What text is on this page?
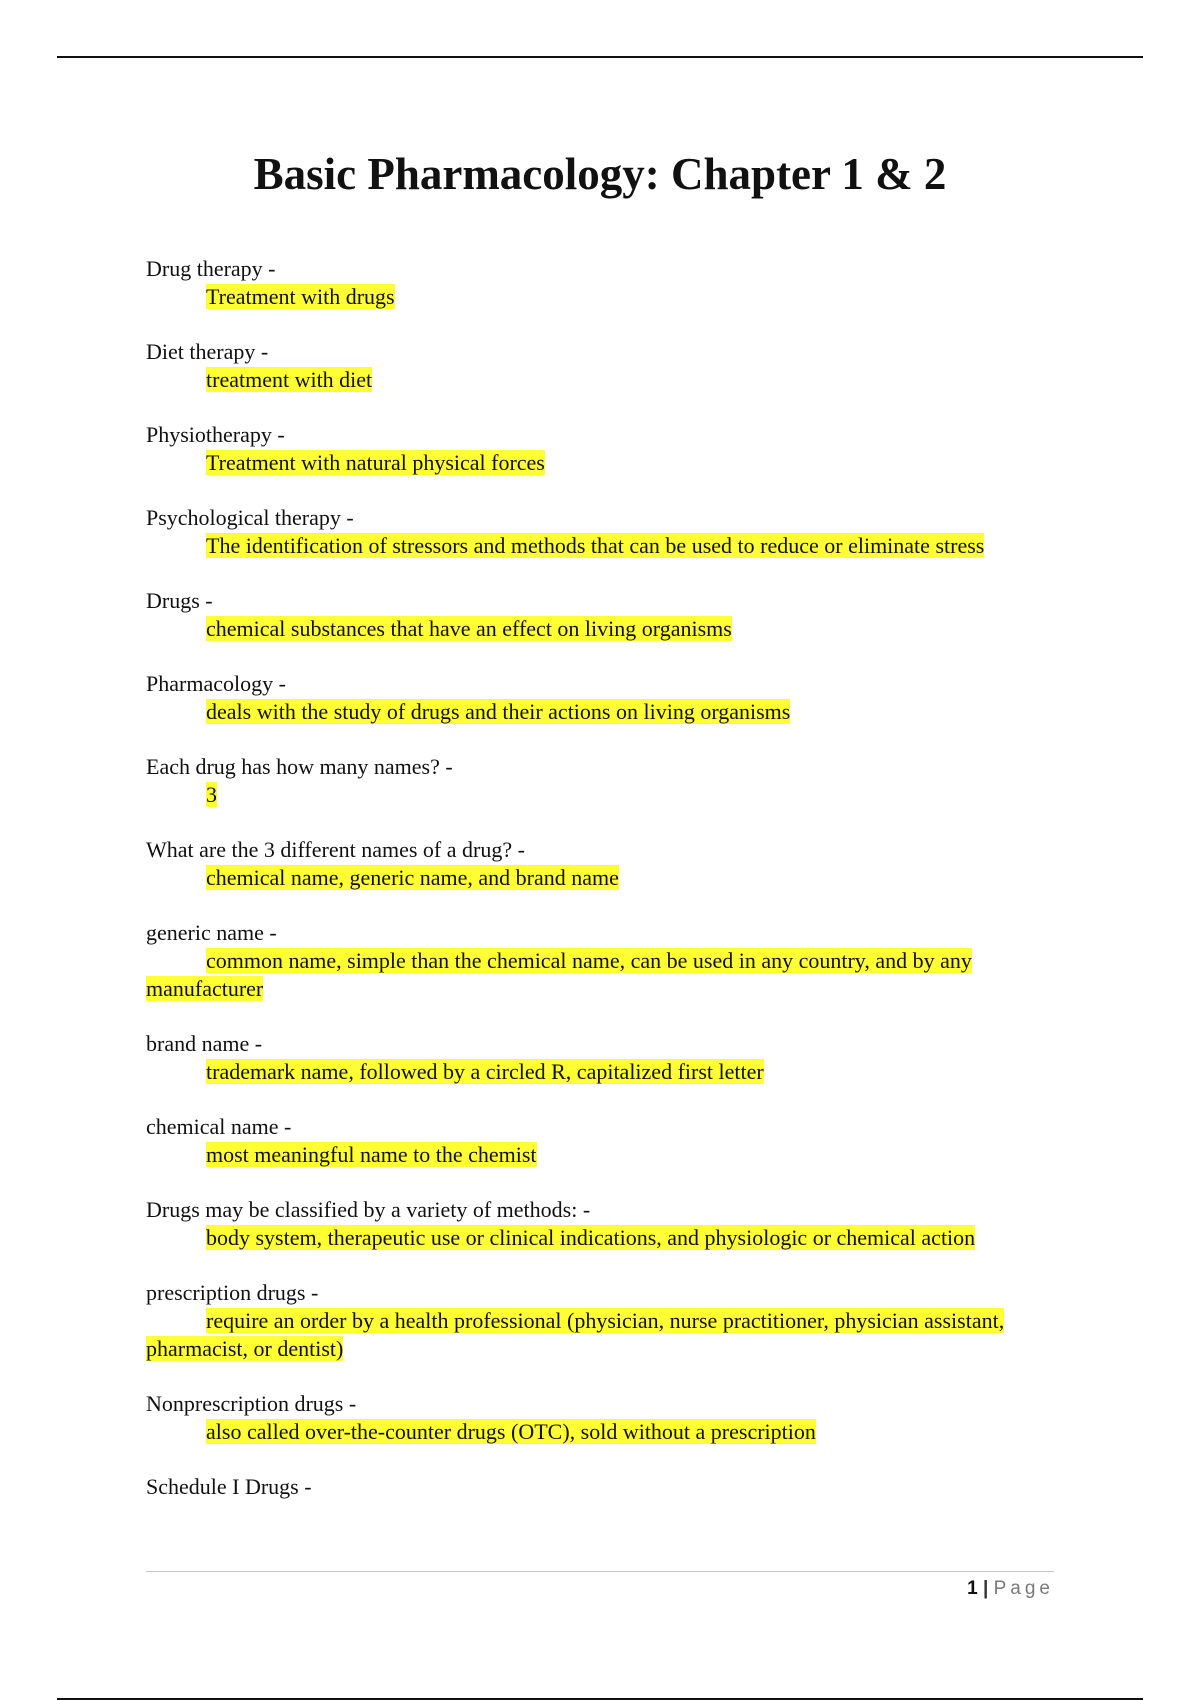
Basic Pharmacology: Chapter 1 & 2
Drug therapy -
Treatment with drugs
Diet therapy -
treatment with diet
Physiotherapy -
Treatment with natural physical forces
Psychological therapy -
The identification of stressors and methods that can be used to reduce or eliminate stress
Drugs -
chemical substances that have an effect on living organisms
Pharmacology -
deals with the study of drugs and their actions on living organisms
Each drug has how many names? -
3
What are the 3 different names of a drug? -
chemical name, generic name, and brand name
generic name -
common name, simple than the chemical name, can be used in any country, and by any manufacturer
brand name -
trademark name, followed by a circled R, capitalized first letter
chemical name -
most meaningful name to the chemist
Drugs may be classified by a variety of methods: -
body system, therapeutic use or clinical indications, and physiologic or chemical action
prescription drugs -
require an order by a health professional (physician, nurse practitioner, physician assistant, pharmacist, or dentist)
Nonprescription drugs -
also called over-the-counter drugs (OTC), sold without a prescription
Schedule I Drugs -
1 | Page
